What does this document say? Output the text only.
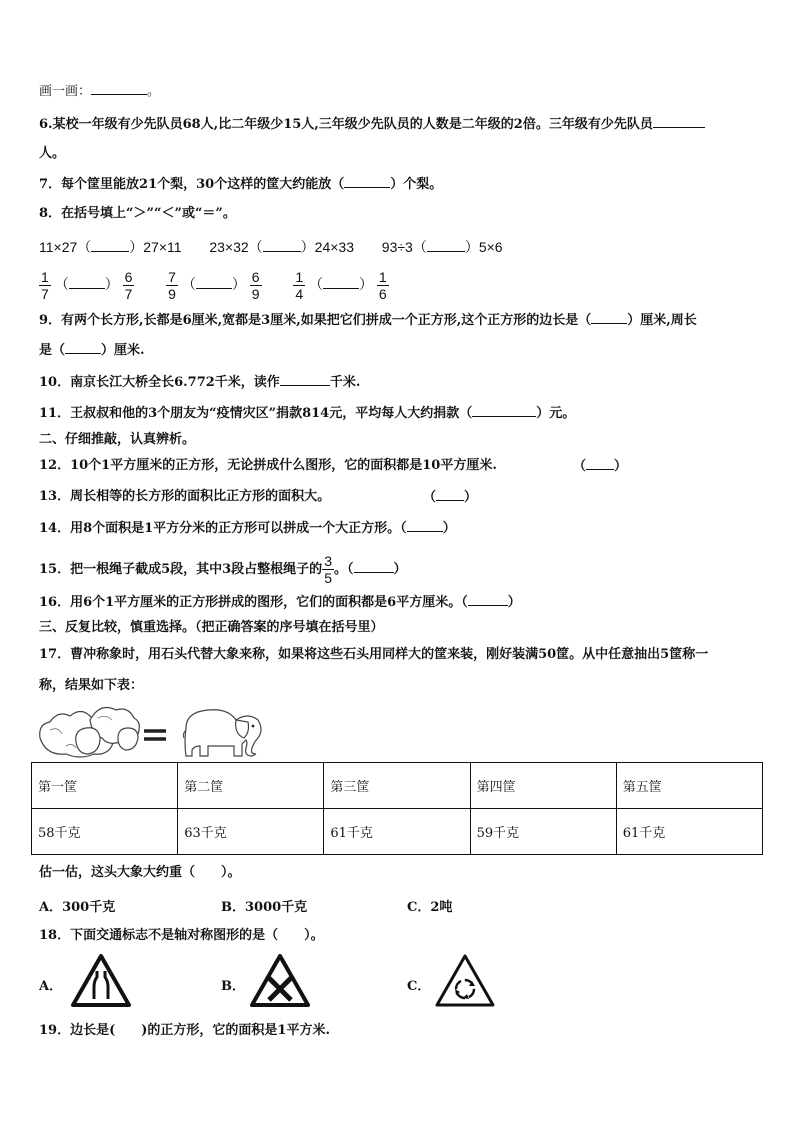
画一画：	。
6.某校一年级有少先队员68人,比二年级少15人,三年级少先队员的人数是二年级的2倍。三年级有少先队员
人。
7．每个筐里能放21个梨，30个这样的筐大约能放（	）个梨。
8．在括号填上“＞”“＜”或“＝”。
11×27（	）27×11 23×32（	）24×33 93÷3（	）5×6
$\frac{1}{7}$ （	） $\frac{6}{7}$
$\frac{7}{9}$ （	） $\frac{6}{9}$
$\frac{1}{4}$ （	） $\frac{1}{6}$
9．有两个长方形,长都是6厘米,宽都是3厘米,如果把它们拼成一个正方形,这个正方形的边长是（	）厘米,周长
是（	）厘米.
10．南京长江大桥全长6.772千米，读作	千米.
11．王叔叔和他的3个朋友为“疫情灾区”捐款814元，平均每人大约捐款（	）元。
二、仔细推敲，认真辨析。
12．10个1平方厘米的正方形，无论拼成什么图形，它的面积都是10平方厘米.	（ ）
13．周长相等的长方形的面积比正方形的面积大。	（ ）
14．用8个面积是1平方分米的正方形可以拼成一个大正方形。（	）
15．把一根绳子截成5段，其中3段占整根绳子的 $\frac{3}{5}$ 。（	）
16．用6个1平方厘米的正方形拼成的图形，它们的面积都是6平方厘米。（	）
三、反复比较，慎重选择。（把正确答案的序号填在括号里）
17．曹冲称象时，用石头代替大象来称，如果将这些石头用同样大的筐来装，刚好装满50筐。从中任意抽出5筐称一
称，结果如下表：
第一筐	第二筐	第三筐	第四筐	第五筐
58千克	63千克	61千克	59千克	61千克
估一估，这头大象大约重（　　）。
A．300千克	B．3000千克	C．2吨
18．下面交通标志不是轴对称图形的是（　　）。
A．	B．	C．
19．边长是(　　)的正方形，它的面积是1平方米.
